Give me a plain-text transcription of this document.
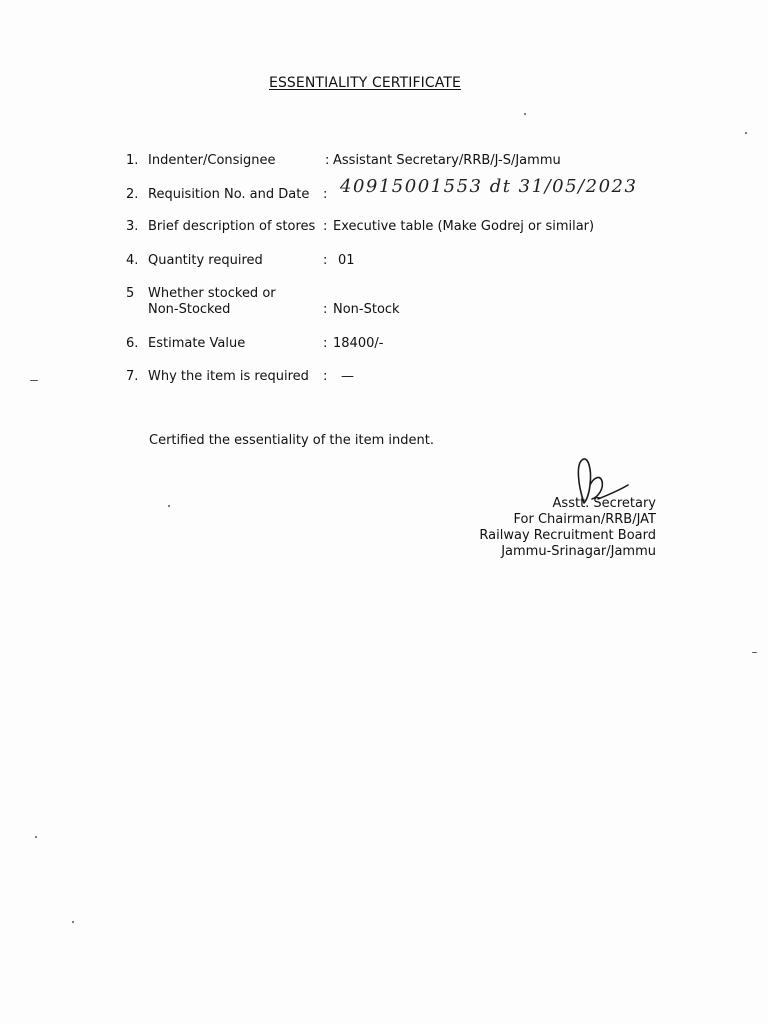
ESSENTIALITY CERTIFICATE
1. Indenter/Consignee	: Assistant Secretary/RRB/J-S/Jammu
2. Requisition No. and Date	: 40915001553 dt 31/05/2023
3. Brief description of stores : Executive table (Make Godrej or similar)
4. Quantity required	: 01
5	Whether stocked or
Non-Stocked	: Non-Stock
6. Estimate Value	: 18400/-
7. Why the item is required	: —
Certified the essentiality of the item indent.
Asstt. Secretary
For Chairman/RRB/JAT
Railway Recruitment Board
Jammu-Srinagar/Jammu
